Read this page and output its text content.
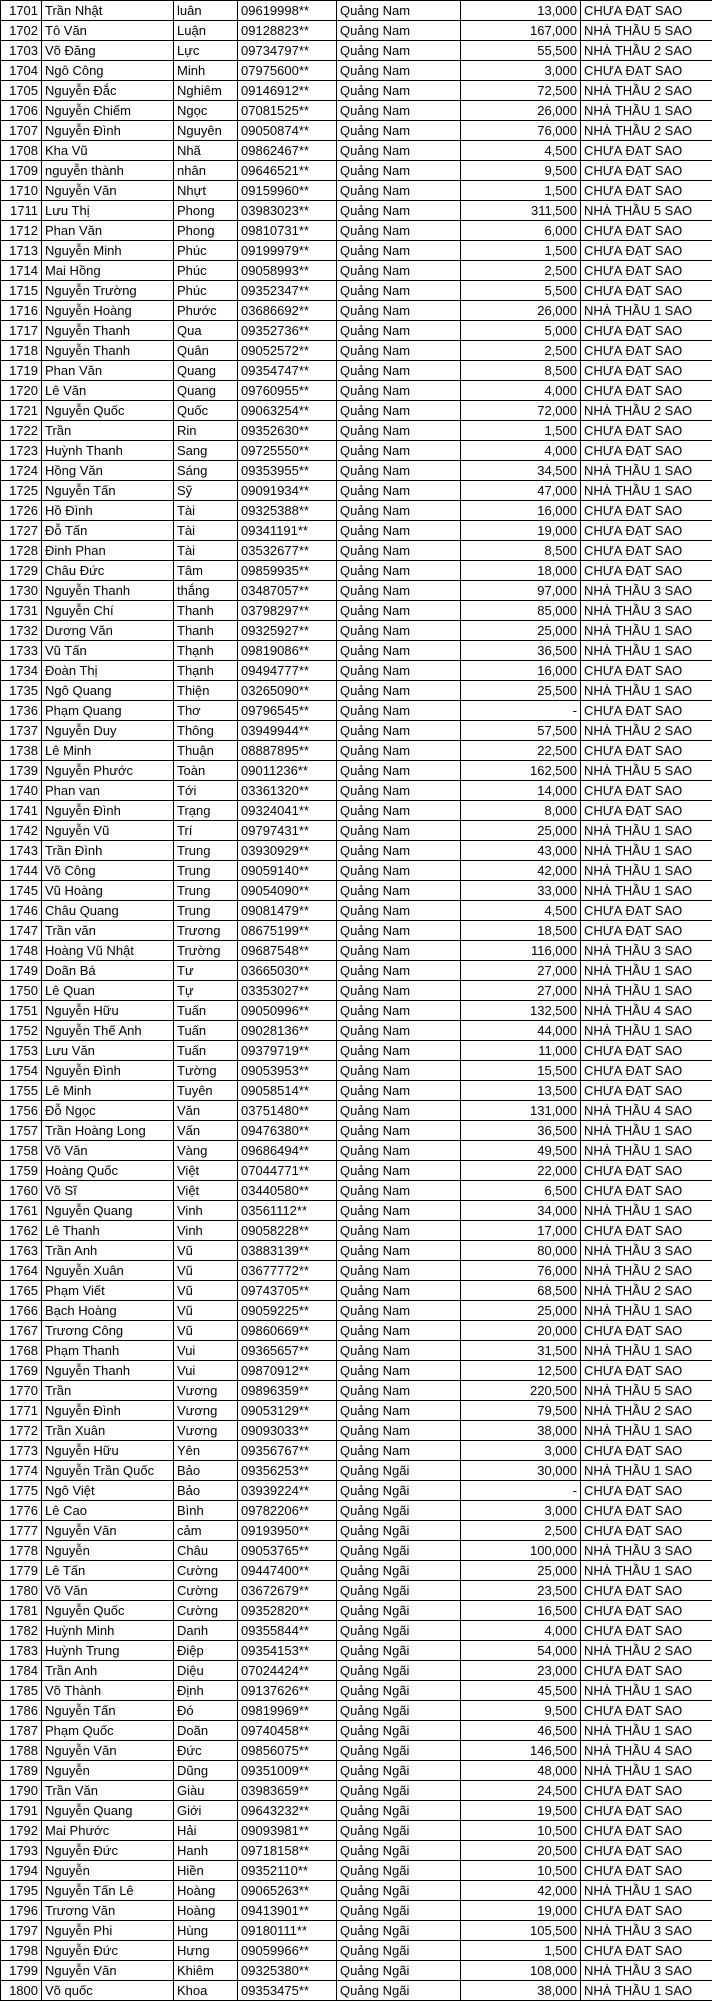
1701	Trần Nhật	luân	09619998**	Quảng Nam	13,000	CHƯA ĐẠT SAO
1702	Tô Văn	Luận	09128823**	Quảng Nam	167,000	NHÀ THẦU 5 SAO
1703	Võ Đăng	Lực	09734797**	Quảng Nam	55,500	NHÀ THẦU 2 SAO
1704	Ngô Công	Minh	07975600**	Quảng Nam	3,000	CHƯA ĐẠT SAO
1705	Nguyễn Đắc	Nghiêm	09146912**	Quảng Nam	72,500	NHÀ THẦU 2 SAO
1706	Nguyễn Chiếm	Ngọc	07081525**	Quảng Nam	26,000	NHÀ THẦU 1 SAO
1707	Nguyễn Đình	Nguyên	09050874**	Quảng Nam	76,000	NHÀ THẦU 2 SAO
1708	Kha Vũ	Nhã	09862467**	Quảng Nam	4,500	CHƯA ĐẠT SAO
1709	nguyễn thành	nhân	09646521**	Quảng Nam	9,500	CHƯA ĐẠT SAO
1710	Nguyễn Văn	Nhựt	09159960**	Quảng Nam	1,500	CHƯA ĐẠT SAO
1711	Lưu Thị	Phong	03983023**	Quảng Nam	311,500	NHÀ THẦU 5 SAO
1712	Phan Văn	Phong	09810731**	Quảng Nam	6,000	CHƯA ĐẠT SAO
1713	Nguyễn Minh	Phúc	09199979**	Quảng Nam	1,500	CHƯA ĐẠT SAO
1714	Mai Hồng	Phúc	09058993**	Quảng Nam	2,500	CHƯA ĐẠT SAO
1715	Nguyễn Trường	Phúc	09352347**	Quảng Nam	5,500	CHƯA ĐẠT SAO
1716	Nguyễn Hoàng	Phước	03686692**	Quảng Nam	26,000	NHÀ THẦU 1 SAO
1717	Nguyễn Thanh	Qua	09352736**	Quảng Nam	5,000	CHƯA ĐẠT SAO
1718	Nguyễn Thanh	Quân	09052572**	Quảng Nam	2,500	CHƯA ĐẠT SAO
1719	Phan Văn	Quang	09354747**	Quảng Nam	8,500	CHƯA ĐẠT SAO
1720	Lê Văn	Quang	09760955**	Quảng Nam	4,000	CHƯA ĐẠT SAO
1721	Nguyễn Quốc	Quốc	09063254**	Quảng Nam	72,000	NHÀ THẦU 2 SAO
1722	Trần	Rin	09352630**	Quảng Nam	1,500	CHƯA ĐẠT SAO
1723	Huỳnh Thanh	Sang	09725550**	Quảng Nam	4,000	CHƯA ĐẠT SAO
1724	Hồng Văn	Sáng	09353955**	Quảng Nam	34,500	NHÀ THẦU 1 SAO
1725	Nguyễn Tấn	Sỹ	09091934**	Quảng Nam	47,000	NHÀ THẦU 1 SAO
1726	Hồ Đình	Tài	09325388**	Quảng Nam	16,000	CHƯA ĐẠT SAO
1727	Đỗ Tấn	Tài	09341191**	Quảng Nam	19,000	CHƯA ĐẠT SAO
1728	Đinh Phan	Tài	03532677**	Quảng Nam	8,500	CHƯA ĐẠT SAO
1729	Châu Đức	Tâm	09859935**	Quảng Nam	18,000	CHƯA ĐẠT SAO
1730	Nguyễn Thanh	thắng	03487057**	Quảng Nam	97,000	NHÀ THẦU 3 SAO
1731	Nguyễn Chí	Thanh	03798297**	Quảng Nam	85,000	NHÀ THẦU 3 SAO
1732	Dương Văn	Thanh	09325927**	Quảng Nam	25,000	NHÀ THẦU 1 SAO
1733	Vũ Tấn	Thạnh	09819086**	Quảng Nam	36,500	NHÀ THẦU 1 SAO
1734	Đoàn Thị	Thạnh	09494777**	Quảng Nam	16,000	CHƯA ĐẠT SAO
1735	Ngô Quang	Thiện	03265090**	Quảng Nam	25,500	NHÀ THẦU 1 SAO
1736	Phạm Quang	Thơ	09796545**	Quảng Nam	-	CHƯA ĐẠT SAO
1737	Nguyễn Duy	Thông	03949944**	Quảng Nam	57,500	NHÀ THẦU 2 SAO
1738	Lê Minh	Thuận	08887895**	Quảng Nam	22,500	CHƯA ĐẠT SAO
1739	Nguyễn Phước	Toàn	09011236**	Quảng Nam	162,500	NHÀ THẦU 5 SAO
1740	Phan van	Tới	03361320**	Quảng Nam	14,000	CHƯA ĐẠT SAO
1741	Nguyễn Đình	Trạng	09324041**	Quảng Nam	8,000	CHƯA ĐẠT SAO
1742	Nguyễn Vũ	Trí	09797431**	Quảng Nam	25,000	NHÀ THẦU 1 SAO
1743	Trần Đình	Trung	03930929**	Quảng Nam	43,000	NHÀ THẦU 1 SAO
1744	Võ Công	Trung	09059140**	Quảng Nam	42,000	NHÀ THẦU 1 SAO
1745	Vũ Hoàng	Trung	09054090**	Quảng Nam	33,000	NHÀ THẦU 1 SAO
1746	Châu Quang	Trung	09081479**	Quảng Nam	4,500	CHƯA ĐẠT SAO
1747	Trần văn	Trương	08675199**	Quảng Nam	18,500	CHƯA ĐẠT SAO
1748	Hoàng Vũ Nhật	Trường	09687548**	Quảng Nam	116,000	NHÀ THẦU 3 SAO
1749	Doãn Bá	Tư	03665030**	Quảng Nam	27,000	NHÀ THẦU 1 SAO
1750	Lê Quan	Tự	03353027**	Quảng Nam	27,000	NHÀ THẦU 1 SAO
1751	Nguyễn Hữu	Tuấn	09050996**	Quảng Nam	132,500	NHÀ THẦU 4 SAO
1752	Nguyễn Thế Anh	Tuấn	09028136**	Quảng Nam	44,000	NHÀ THẦU 1 SAO
1753	Lưu Văn	Tuấn	09379719**	Quảng Nam	11,000	CHƯA ĐẠT SAO
1754	Nguyễn Đình	Tường	09053953**	Quảng Nam	15,500	CHƯA ĐẠT SAO
1755	Lê Minh	Tuyên	09058514**	Quảng Nam	13,500	CHƯA ĐẠT SAO
1756	Đỗ Ngọc	Văn	03751480**	Quảng Nam	131,000	NHÀ THẦU 4 SAO
1757	Trần Hoàng Long	Vấn	09476380**	Quảng Nam	36,500	NHÀ THẦU 1 SAO
1758	Võ Văn	Vàng	09686494**	Quảng Nam	49,500	NHÀ THẦU 1 SAO
1759	Hoàng Quốc	Việt	07044771**	Quảng Nam	22,000	CHƯA ĐẠT SAO
1760	Võ Sĩ	Việt	03440580**	Quảng Nam	6,500	CHƯA ĐẠT SAO
1761	Nguyễn Quang	Vinh	03561112**	Quảng Nam	34,000	NHÀ THẦU 1 SAO
1762	Lê Thanh	Vinh	09058228**	Quảng Nam	17,000	CHƯA ĐẠT SAO
1763	Trần Anh	Vũ	03883139**	Quảng Nam	80,000	NHÀ THẦU 3 SAO
1764	Nguyễn Xuân	Vũ	03677772**	Quảng Nam	76,000	NHÀ THẦU 2 SAO
1765	Phạm Viết	Vũ	09743705**	Quảng Nam	68,500	NHÀ THẦU 2 SAO
1766	Bạch Hoàng	Vũ	09059225**	Quảng Nam	25,000	NHÀ THẦU 1 SAO
1767	Trương Công	Vũ	09860669**	Quảng Nam	20,000	CHƯA ĐẠT SAO
1768	Phạm Thanh	Vui	09365657**	Quảng Nam	31,500	NHÀ THẦU 1 SAO
1769	Nguyễn Thanh	Vui	09870912**	Quảng Nam	12,500	CHƯA ĐẠT SAO
1770	Trần	Vương	09896359**	Quảng Nam	220,500	NHÀ THẦU 5 SAO
1771	Nguyễn Đình	Vương	09053129**	Quảng Nam	79,500	NHÀ THẦU 2 SAO
1772	Trần Xuân	Vương	09093033**	Quảng Nam	38,000	NHÀ THẦU 1 SAO
1773	Nguyễn Hữu	Yên	09356767**	Quảng Nam	3,000	CHƯA ĐẠT SAO
1774	Nguyễn Trần Quốc	Bảo	09356253**	Quảng Ngãi	30,000	NHÀ THẦU 1 SAO
1775	Ngô Việt	Bảo	03939224**	Quảng Ngãi	-	CHƯA ĐẠT SAO
1776	Lê Cao	Bình	09782206**	Quảng Ngãi	3,000	CHƯA ĐẠT SAO
1777	Nguyễn Văn	cảm	09193950**	Quảng Ngãi	2,500	CHƯA ĐẠT SAO
1778	Nguyễn	Châu	09053765**	Quảng Ngãi	100,000	NHÀ THẦU 3 SAO
1779	Lê Tấn	Cường	09447400**	Quảng Ngãi	25,000	NHÀ THẦU 1 SAO
1780	Võ Văn	Cường	03672679**	Quảng Ngãi	23,500	CHƯA ĐẠT SAO
1781	Nguyễn Quốc	Cường	09352820**	Quảng Ngãi	16,500	CHƯA ĐẠT SAO
1782	Huỳnh Minh	Danh	09355844**	Quảng Ngãi	4,000	CHƯA ĐẠT SAO
1783	Huỳnh Trung	Điệp	09354153**	Quảng Ngãi	54,000	NHÀ THẦU 2 SAO
1784	Trần Anh	Diệu	07024424**	Quảng Ngãi	23,000	CHƯA ĐẠT SAO
1785	Võ Thành	Định	09137626**	Quảng Ngãi	45,500	NHÀ THẦU 1 SAO
1786	Nguyễn Tấn	Đó	09819969**	Quảng Ngãi	9,500	CHƯA ĐẠT SAO
1787	Phạm Quốc	Doãn	09740458**	Quảng Ngãi	46,500	NHÀ THẦU 1 SAO
1788	Nguyễn Văn	Đức	09856075**	Quảng Ngãi	146,500	NHÀ THẦU 4 SAO
1789	Nguyễn	Dũng	09351009**	Quảng Ngãi	48,000	NHÀ THẦU 1 SAO
1790	Trần Văn	Giàu	03983659**	Quảng Ngãi	24,500	CHƯA ĐẠT SAO
1791	Nguyễn Quang	Giới	09643232**	Quảng Ngãi	19,500	CHƯA ĐẠT SAO
1792	Mai Phước	Hải	09093981**	Quảng Ngãi	10,500	CHƯA ĐẠT SAO
1793	Nguyễn Đức	Hanh	09718158**	Quảng Ngãi	20,500	CHƯA ĐẠT SAO
1794	Nguyễn	Hiền	09352110**	Quảng Ngãi	10,500	CHƯA ĐẠT SAO
1795	Nguyễn Tấn Lê	Hoàng	09065263**	Quảng Ngãi	42,000	NHÀ THẦU 1 SAO
1796	Trương Văn	Hoàng	09413901**	Quảng Ngãi	19,000	CHƯA ĐẠT SAO
1797	Nguyễn Phi	Hùng	09180111**	Quảng Ngãi	105,500	NHÀ THẦU 3 SAO
1798	Nguyễn Đức	Hưng	09059966**	Quảng Ngãi	1,500	CHƯA ĐẠT SAO
1799	Nguyễn Văn	Khiêm	09325380**	Quảng Ngãi	108,000	NHÀ THẦU 3 SAO
1800	Võ quốc	Khoa	09353475**	Quảng Ngãi	38,000	NHÀ THẦU 1 SAO
